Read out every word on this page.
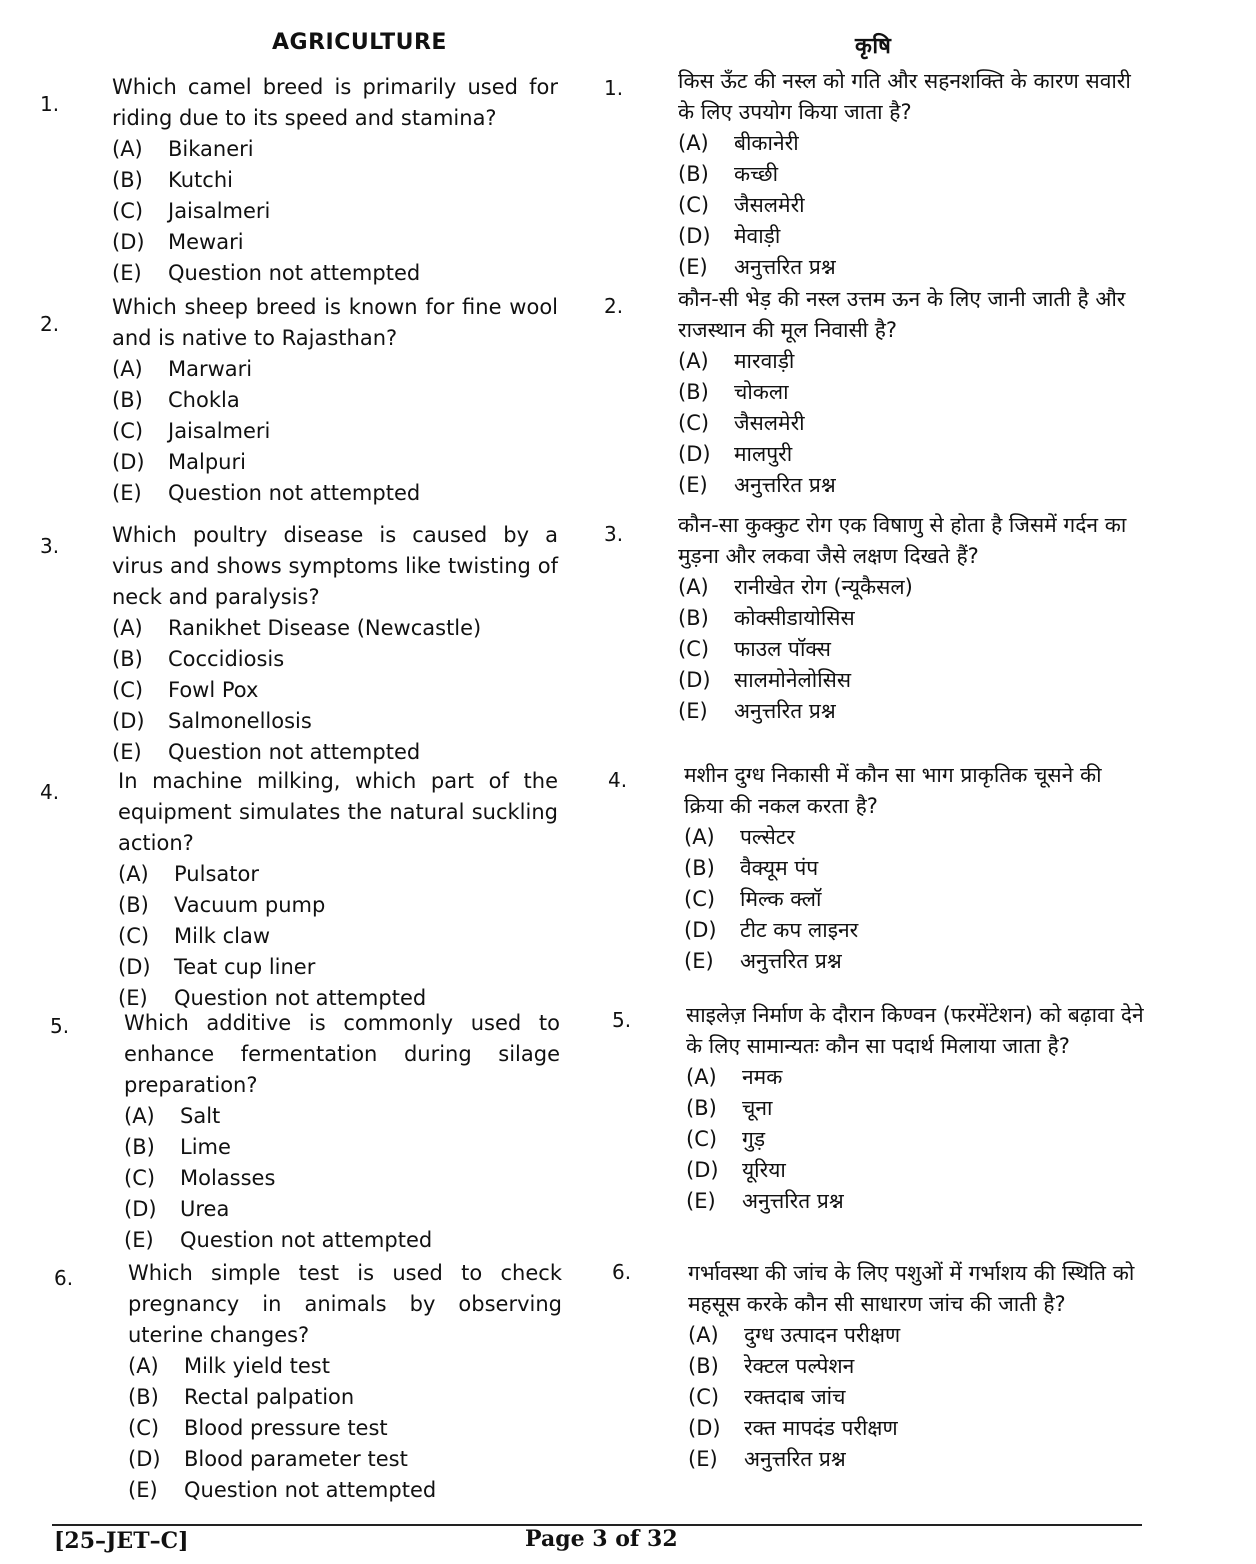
AGRICULTURE
1.
Which camel breed is primarily used for riding due to its speed and stamina?
(A) Bikaneri
(B) Kutchi
(C) Jaisalmeri
(D) Mewari
(E) Question not attempted
2.
Which sheep breed is known for fine wool and is native to Rajasthan?
(A) Marwari
(B) Chokla
(C) Jaisalmeri
(D) Malpuri
(E) Question not attempted
3.	Which poultry disease is caused by a virus and shows symptoms like twisting of neck and paralysis?
(A) Ranikhet Disease (Newcastle)
(B) Coccidiosis
(C) Fowl Pox
(D) Salmonellosis
(E) Question not attempted
4.	In machine milking, which part of the equipment simulates the natural suckling action?
(A) Pulsator
(B) Vacuum pump
(C) Milk claw
(D) Teat cup liner
(E) Question not attempted
5.	Which additive is commonly used to enhance fermentation during silage preparation?
(A) Salt
(B) Lime
(C) Molasses
(D) Urea
(E) Question not attempted
6.	Which simple test is used to check pregnancy in animals by observing uterine changes?
(A) Milk yield test
(B) Rectal palpation
(C) Blood pressure test
(D) Blood parameter test
(E) Question not attempted
कृषि
1.	किस ऊँट की नस्ल को गति और सहनशक्ति के कारण सवारी के लिए उपयोग किया जाता है?
(A) बीकानेरी
(B) कच्छी
(C) जैसलमेरी
(D) मेवाड़ी
(E) अनुत्तरित प्रश्न
2.	कौन-सी भेड़ की नस्ल उत्तम ऊन के लिए जानी जाती है और राजस्थान की मूल निवासी है?
(A) मारवाड़ी
(B) चोकला
(C) जैसलमेरी
(D) मालपुरी
(E) अनुत्तरित प्रश्न
3.	कौन-सा कुक्कुट रोग एक विषाणु से होता है जिसमें गर्दन का मुड़ना और लकवा जैसे लक्षण दिखते हैं?
(A) रानीखेत रोग (न्यूकैसल)
(B) कोक्सीडायोसिस
(C) फाउल पॉक्स
(D) सालमोनेलोसिस
(E) अनुत्तरित प्रश्न
4.	मशीन दुग्ध निकासी में कौन सा भाग प्राकृतिक चूसने की क्रिया की नकल करता है?
(A) पल्सेटर
(B) वैक्यूम पंप
(C) मिल्क क्लॉ
(D) टीट कप लाइनर
(E) अनुत्तरित प्रश्न
5.	साइलेज़ निर्माण के दौरान किण्वन (फरमेंटेशन) को बढ़ावा देने के लिए सामान्यतः कौन सा पदार्थ मिलाया जाता है?
(A) नमक
(B) चूना
(C) गुड़
(D) यूरिया
(E) अनुत्तरित प्रश्न
6.	गर्भावस्था की जांच के लिए पशुओं में गर्भाशय की स्थिति को महसूस करके कौन सी साधारण जांच की जाती है?
(A) दुग्ध उत्पादन परीक्षण
(B) रेक्टल पल्पेशन
(C) रक्तदाब जांच
(D) रक्त मापदंड परीक्षण
(E) अनुत्तरित प्रश्न
[25–JET–C]	Page 3 of 32
